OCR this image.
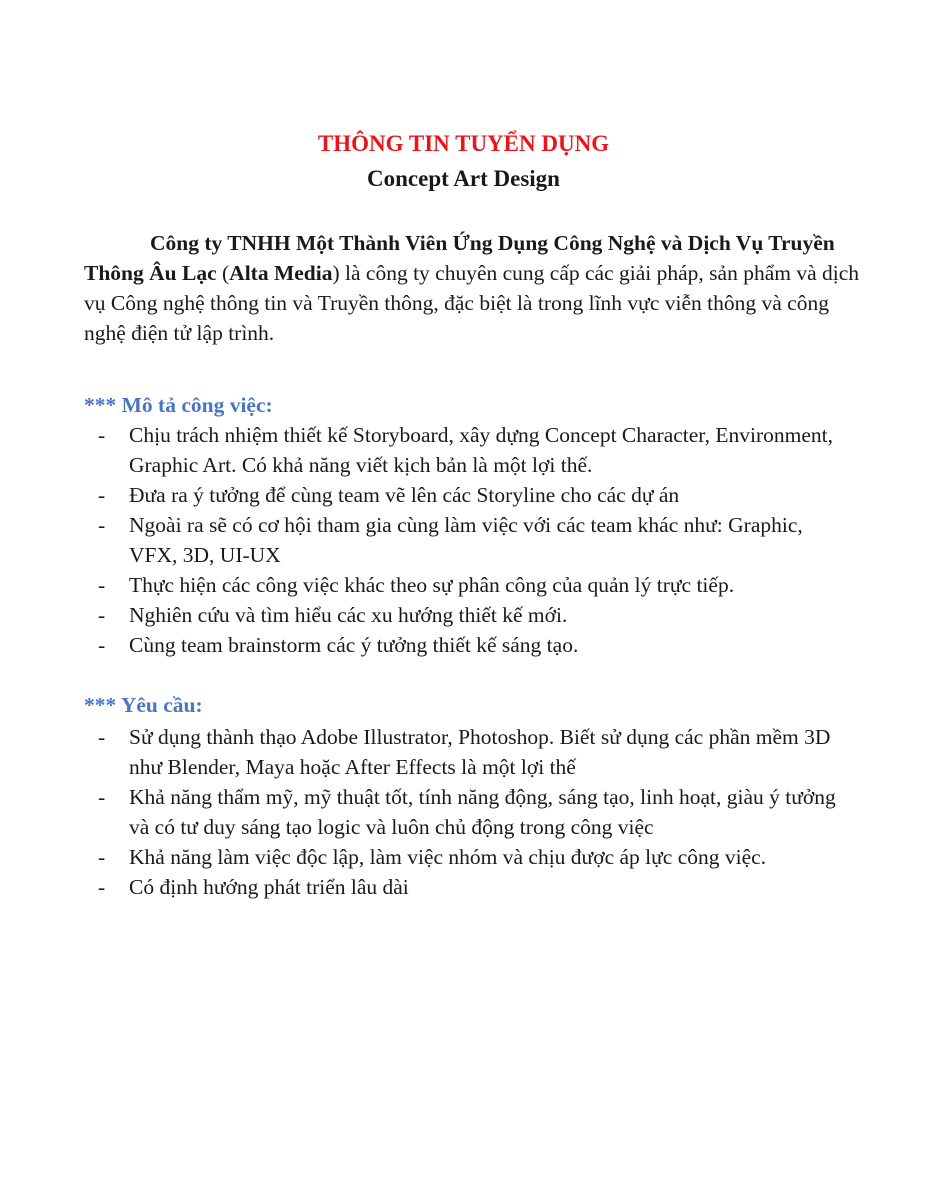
THÔNG TIN TUYỂN DỤNG
Concept Art Design

Công ty TNHH Một Thành Viên Ứng Dụng Công Nghệ và Dịch Vụ Truyền Thông Âu Lạc (Alta Media) là công ty chuyên cung cấp các giải pháp, sản phẩm và dịch vụ Công nghệ thông tin và Truyền thông, đặc biệt là trong lĩnh vực viễn thông và công nghệ điện tử lập trình.

*** Mô tả công việc:
- Chịu trách nhiệm thiết kế Storyboard, xây dựng Concept Character, Environment, Graphic Art. Có khả năng viết kịch bản là một lợi thế.
- Đưa ra ý tưởng để cùng team vẽ lên các Storyline cho các dự án
- Ngoài ra sẽ có cơ hội tham gia cùng làm việc với các team khác như: Graphic, VFX, 3D, UI-UX
- Thực hiện các công việc khác theo sự phân công của quản lý trực tiếp.
- Nghiên cứu và tìm hiểu các xu hướng thiết kế mới.
- Cùng team brainstorm các ý tưởng thiết kế sáng tạo.
*** Yêu cầu:
- Sử dụng thành thạo Adobe Illustrator, Photoshop. Biết sử dụng các phần mềm 3D như Blender, Maya hoặc After Effects là một lợi thế
- Khả năng thẩm mỹ, mỹ thuật tốt, tính năng động, sáng tạo, linh hoạt, giàu ý tưởng và có tư duy sáng tạo logic và luôn chủ động trong công việc
- Khả năng làm việc độc lập, làm việc nhóm và chịu được áp lực công việc.
- Có định hướng phát triển lâu dài
